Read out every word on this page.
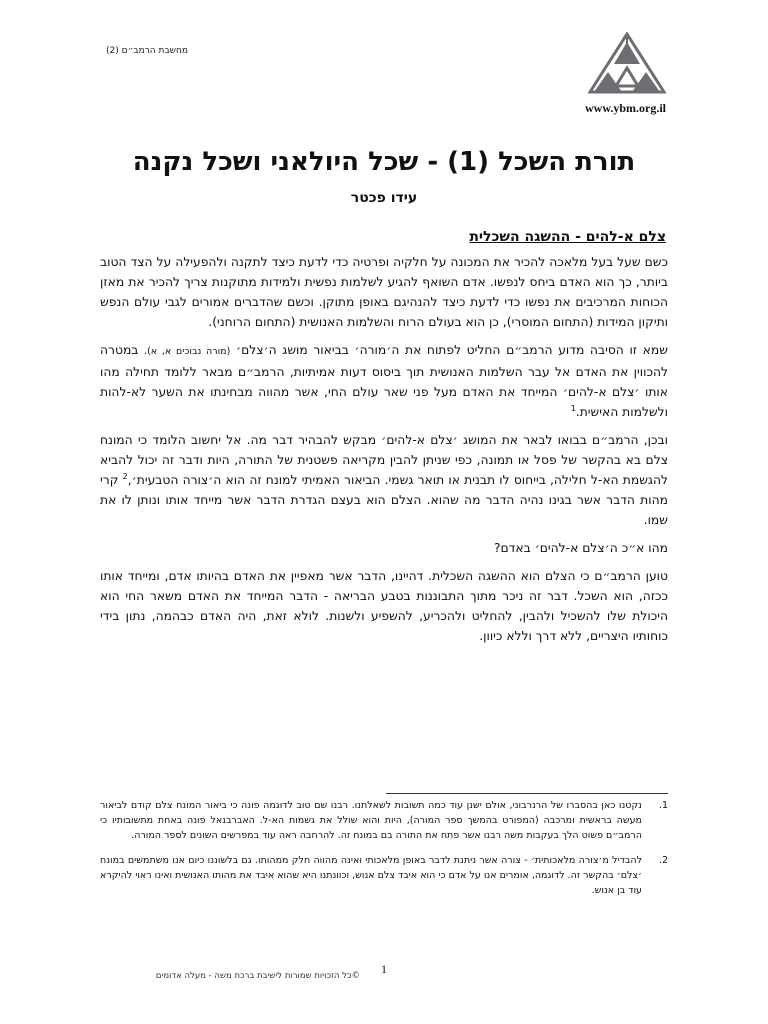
מחשבת הרמב״ם (2)
www.ybm.org.il
תורת השכל (1) - שכל היולאני ושכל נקנה
עידו פכטר
צלם א-להים - ההשגה השכלית

כשם שעל בעל מלאכה להכיר את המכונה על חלקיה ופרטיה כדי לדעת כיצד לתקנה ולהפעילה על הצד הטוב ביותר, כך הוא האדם ביחס לנפשו. אדם השואף להגיע לשלמות נפשית ולמידות מתוקנות צריך להכיר את מאזן הכוחות המרכיבים את נפשו כדי לדעת כיצד להנהיגם באופן מתוקן. וכשם שהדברים אמורים לגבי עולם הנפש ותיקון המידות (התחום המוסרי), כן הוא בעולם הרוח והשלמות האנושית (התחום הרוחני).

שמא זו הסיבה מדוע הרמב״ם החליט לפתוח את ה׳מורה׳ בביאור מושג ה׳צלם׳ (מורה נבוכים א, א). במטרה להכווין את האדם אל עבר השלמות האנושית תוך ביסוס דעות אמיתיות, הרמב״ם מבאר ללומד תחילה מהו אותו ׳צלם א-להים׳ המייחד את האדם מעל פני שאר עולם החי, אשר מהווה מבחינתו את השער לא-להות ולשלמות האישית.$^1$

ובכן, הרמב״ם בבואו לבאר את המושג ׳צלם א-להים׳ מבקש להבהיר דבר מה. אל יחשוב הלומד כי המונח צלם בא בהקשר של פסל או תמונה, כפי שניתן להבין מקריאה פשטנית של התורה, היות ודבר זה יכול להביא להגשמת הא-ל חלילה, בייחוס לו תבנית או תואר גשמי. הביאור האמיתי למונח זה הוא ה׳צורה הטבעית׳,$^2$ קרי מהות הדבר אשר בגינו נהיה הדבר מה שהוא. הצלם הוא בעצם הגדרת הדבר אשר מייחד אותו ונותן לו את שמו.

מהו א״כ ה׳צלם א-להים׳ באדם?

טוען הרמב״ם כי הצלם הוא ההשגה השכלית. דהיינו, הדבר אשר מאפיין את האדם בהיותו אדם, ומייחד אותו ככזה, הוא השכל. דבר זה ניכר מתוך התבוננות בטבע הבריאה - הדבר המייחד את האדם משאר החי הוא היכולת שלו להשכיל ולהבין, להחליט ולהכריע, להשפיע ולשנות. לולא זאת, היה האדם כבהמה, נתון בידי כוחותיו היצריים, ללא דרך וללא כיוון.

1.
נקטנו כאן בהסברו של הרנרבוני, אולם ישנן עוד כמה תשובות לשאלתנו. רבנו שם טוב לדוגמה פונה כי ביאור המונח צלם קודם לביאור מעשה בראשית ומרכבה (המפורט בהמשך ספר המורה), היות והוא שולל את גשמות הא-ל. האברבנאל פונה באחת מתשובותיו כי הרמב״ם פשוט הלך בעקבות משה רבנו אשר פתח את התורה בם במונח זה. להרחבה ראה עוד במפרשים השונים לספר המורה.
2.
להבדיל מ׳צורה מלאכותית׳ - צורה אשר ניתנת לדבר באופן מלאכותי ואינה מהווה חלק ממהותו. גם בלשוננו כיום אנו משתמשים במונח ׳צלם׳ בהקשר זה. לדוגמה, אומרים אנו על אדם כי הוא איבד צלם אנוש, וכוונתנו היא שהוא איבד את מהותו האנושית ואינו ראוי להיקרא עוד בן אנוש.
1
©כל הזכויות שמורות לישיבת ברכת משה - מעלה אדומים
